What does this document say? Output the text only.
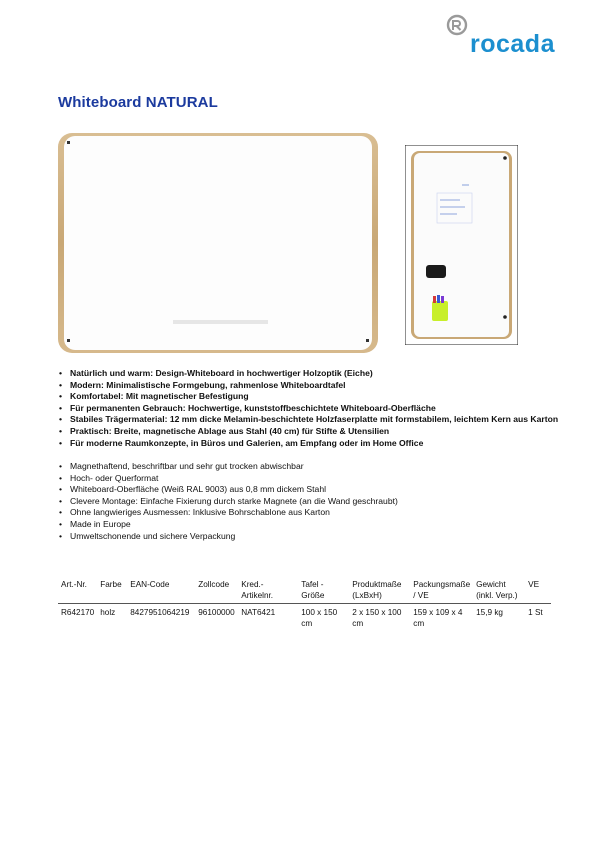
rocada
Whiteboard NATURAL
• Natürlich und warm: Design-Whiteboard in hochwertiger Holzoptik (Eiche)
• Modern: Minimalistische Formgebung, rahmenlose Whiteboardtafel
• Komfortabel: Mit magnetischer Befestigung
• Für permanenten Gebrauch: Hochwertige, kunststoffbeschichtete Whiteboard-Oberfläche
• Stabiles Trägermaterial: 12 mm dicke Melamin-beschichtete Holzfaserplatte mit formstabilem, leichtem Kern aus Karton
• Praktisch: Breite, magnetische Ablage aus Stahl (40 cm) für Stifte & Utensilien
• Für moderne Raumkonzepte, in Büros und Galerien, am Empfang oder im Home Office
• Magnethaftend, beschriftbar und sehr gut trocken abwischbar
• Hoch- oder Querformat
• Whiteboard-Oberfläche (Weiß RAL 9003) aus 0,8 mm dickem Stahl
• Clevere Montage: Einfache Fixierung durch starke Magnete (an die Wand geschraubt)
• Ohne langwieriges Ausmessen: Inklusive Bohrschablone aus Karton
• Made in Europe
• Umweltschonende und sichere Verpackung
Art.-Nr.	Farbe	EAN-Code	Zollcode	Kred.-Artikelnr.	Tafel - Größe	Produktmaße (LxBxH)	Packungsmaße / VE	Gewicht (inkl. Verp.)	VE
R642170	holz	8427951064219	96100000	NAT6421	100 x 150 cm	2 x 150 x 100 cm	159 x 109 x 4 cm	15,9 kg	1 St
